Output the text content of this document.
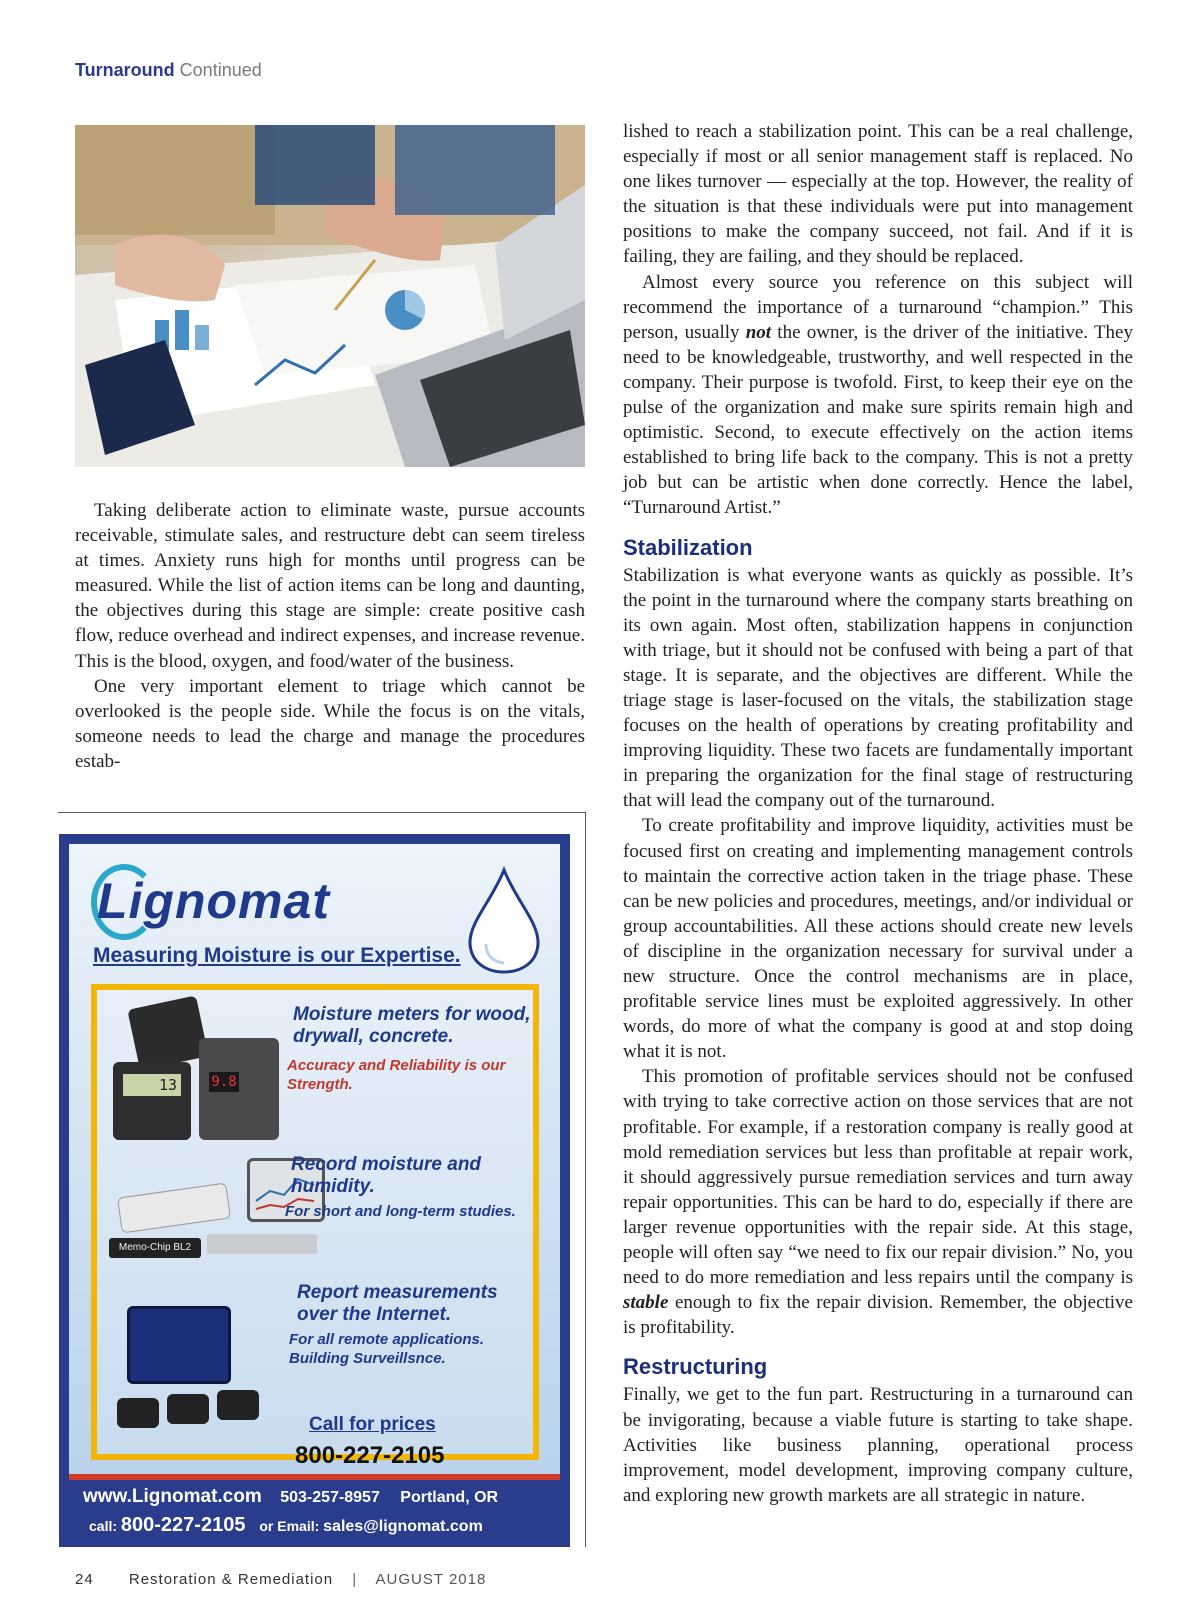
Turnaround Continued

Taking deliberate action to eliminate waste, pursue accounts receivable, stimulate sales, and restructure debt can seem tireless at times. Anxiety runs high for months until progress can be measured. While the list of action items can be long and daunting, the objectives during this stage are simple: create positive cash flow, reduce overhead and indirect expenses, and increase revenue. This is the blood, oxygen, and food/water of the business.

One very important element to triage which cannot be overlooked is the people side. While the focus is on the vitals, someone needs to lead the charge and manage the procedures estab-

lished to reach a stabilization point. This can be a real challenge, especially if most or all senior management staff is replaced. No one likes turnover — especially at the top. However, the reality of the situation is that these individuals were put into management positions to make the company succeed, not fail. And if it is failing, they are failing, and they should be replaced.

Almost every source you reference on this subject will recommend the importance of a turnaround “champion.” This person, usually not the owner, is the driver of the initiative. They need to be knowledgeable, trustworthy, and well respected in the company. Their purpose is twofold. First, to keep their eye on the pulse of the organization and make sure spirits remain high and optimistic. Second, to execute effectively on the action items established to bring life back to the company. This is not a pretty job but can be artistic when done correctly. Hence the label, “Turnaround Artist.”

Stabilization

Stabilization is what everyone wants as quickly as possible. It’s the point in the turnaround where the company starts breathing on its own again. Most often, stabilization happens in conjunction with triage, but it should not be confused with being a part of that stage. It is separate, and the objectives are different. While the triage stage is laser-focused on the vitals, the stabilization stage focuses on the health of operations by creating profitability and improving liquidity. These two facets are fundamentally important in preparing the organization for the final stage of restructuring that will lead the company out of the turnaround.

To create profitability and improve liquidity, activities must be focused first on creating and implementing management controls to maintain the corrective action taken in the triage phase. These can be new policies and procedures, meetings, and/or individual or group accountabilities. All these actions should create new levels of discipline in the organization necessary for survival under a new structure. Once the control mechanisms are in place, profitable service lines must be exploited aggressively. In other words, do more of what the company is good at and stop doing what it is not.

This promotion of profitable services should not be confused with trying to take corrective action on those services that are not profitable. For example, if a restoration company is really good at mold remediation services but less than profitable at repair work, it should aggressively pursue remediation services and turn away repair opportunities. This can be hard to do, especially if there are larger revenue opportunities with the repair side. At this stage, people will often say “we need to fix our repair division.” No, you need to do more remediation and less repairs until the company is stable enough to fix the repair division. Remember, the objective is profitability.

Restructuring

Finally, we get to the fun part. Restructuring in a turnaround can be invigorating, because a viable future is starting to take shape. Activities like business planning, operational process improvement, model development, improving company culture, and exploring new growth markets are all strategic in nature.

Lignomat
Measuring Moisture is our Expertise.
13 9.8
Moisture meters for wood, drywall, concrete.
Accuracy and Reliability is our Strength.
Memo-Chip BL2
Record moisture and humidity.
For short and long-term studies.
Report measurements over the Internet.
For all remote applications. Building Surveillsnce.
Call for prices
800-227-2105
www.Lignomat.com 503-257-8957 Portland, OR
call: 800-227-2105 or Email: sales@lignomat.com
24 Restoration & Remediation | AUGUST 2018
